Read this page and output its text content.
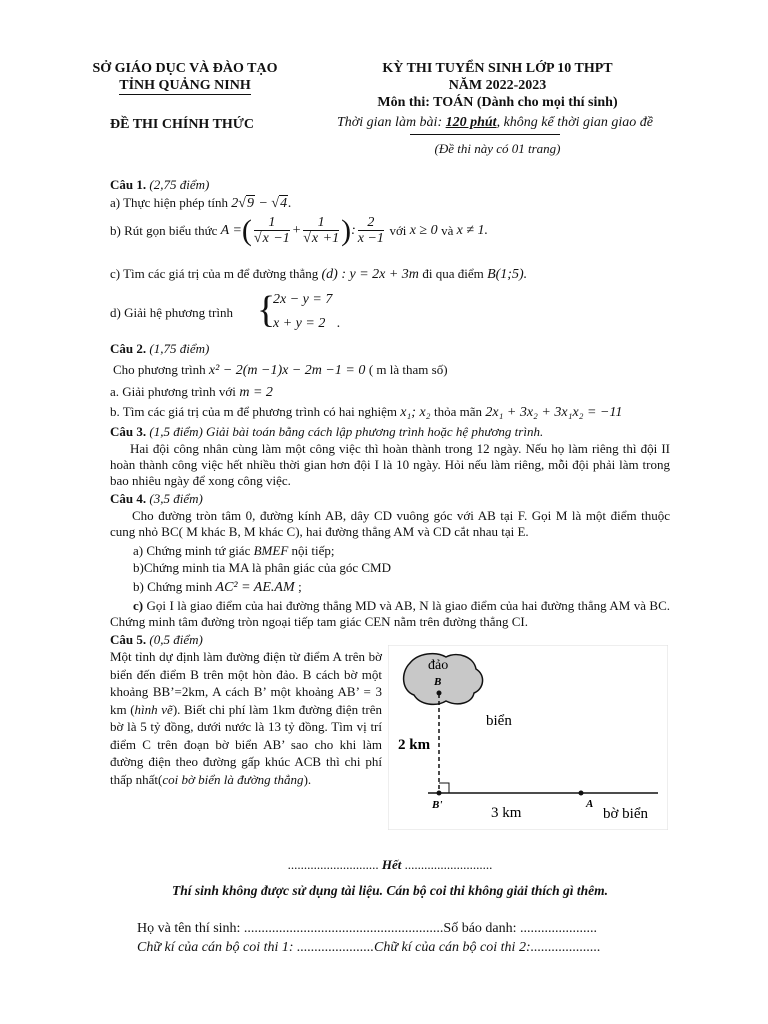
SỞ GIÁO DỤC VÀ ĐÀO TẠO
TỈNH QUẢNG NINH
ĐỀ THI CHÍNH THỨC
KỲ THI TUYỂN SINH LỚP 10 THPT
NĂM 2022-2023
Môn thi: TOÁN (Dành cho mọi thí sinh)
Thời gian làm bài: 120 phút, không kể thời gian giao đề
(Đề thi này có 01 trang)
Câu 1. (2,75 điểm)
a) Thực hiện phép tính 2√9 − √4.
b) Rút gọn biểu thức A =( $\frac{1}{√x -1} + \frac{1}{√x +1}$ ): $\frac{2}{x -1}$ với x ≥ 0 và x ≠ 1.
c) Tìm các giá trị của m để đường thẳng (d) : y = 2x + 3m đi qua điểm B(1;5).
d) Giải hệ phương trình {
2x − y = 7
x + y = 2 .
Câu 2. (1,75 điểm)
Cho phương trình x² − 2(m −1)x − 2m −1 = 0 ( m là tham số)
a. Giải phương trình với m = 2
b. Tìm các giá trị của m để phương trình có hai nghiệm x₁; x₂ thỏa mãn 2x₁ + 3x₂ + 3x₁x₂ = −11
Câu 3. (1,5 điểm) Giải bài toán bằng cách lập phương trình hoặc hệ phương trình.
Hai đội công nhân cùng làm một công việc thì hoàn thành trong 12 ngày. Nếu họ làm riêng thì đội II hoàn thành công việc hết nhiều thời gian hơn đội I là 10 ngày. Hỏi nếu làm riêng, mỗi đội phải làm trong bao nhiêu ngày để xong công việc.
Câu 4. (3,5 điểm)
Cho đường tròn tâm 0, đường kính AB, dây CD vuông góc với AB tại F. Gọi M là một điểm thuộc cung nhỏ BC( M khác B, M khác C), hai đường thẳng AM và CD cắt nhau tại E.
a) Chứng minh tứ giác BMEF nội tiếp;
b)Chứng minh tia MA là phân giác của góc CMD
b) Chứng minh AC² = AE.AM ;
c) Gọi I là giao điểm của hai đường thẳng MD và AB, N là giao điểm của hai đường thẳng AM và BC. Chứng minh tâm đường tròn ngoại tiếp tam giác CEN nằm trên đường thẳng CI.
Câu 5. (0,5 điểm)
Một tỉnh dự định làm đường điện từ điểm A trên bờ biển đến điểm B trên một hòn đảo. B cách bờ một khoảng BB’=2km, A cách B’ một khoảng AB’ = 3 km (hình vẽ). Biết chi phí làm 1km đường điện trên bờ là 5 tỷ đồng, dưới nước là 13 tỷ đồng. Tìm vị trí điểm C trên đoạn bờ biển AB’ sao cho khi làm đường điện theo đường gấp khúc ACB thì chi phí thấp nhất(coi bờ biển là đường thẳng).
đảo
B
biển
2 km
B'	3 km
A
bờ biển
............................ Hết ...........................
Thí sinh không được sử dụng tài liệu. Cán bộ coi thi không giải thích gì thêm.
Họ và tên thí sinh: .........................................................Số báo danh: ......................
Chữ kí của cán bộ coi thi 1: ......................Chữ kí của cán bộ coi thi 2:....................
